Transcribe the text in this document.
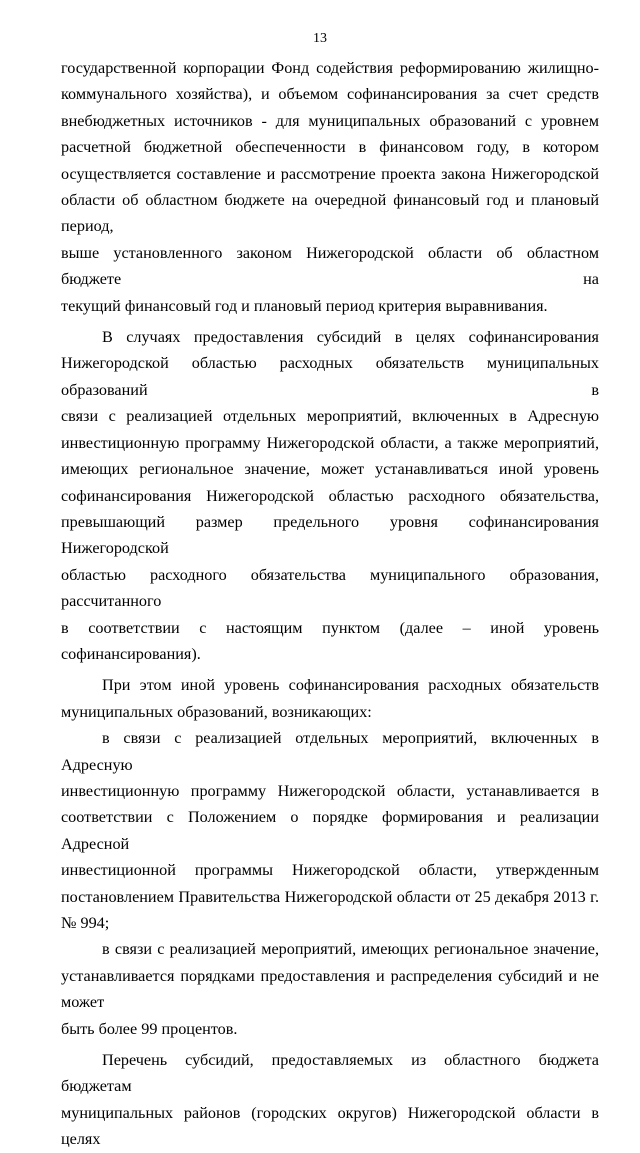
13

государственной корпорации Фонд содействия реформированию жилищно-

коммунального хозяйства), и объемом софинансирования за счет средств

внебюджетных источников - для муниципальных образований с уровнем

расчетной бюджетной обеспеченности в финансовом году, в котором

осуществляется составление и рассмотрение проекта закона Нижегородской

области об областном бюджете на очередной финансовый год и плановый период,

выше установленного законом Нижегородской области об областном бюджете на

текущий финансовый год и плановый период критерия выравнивания.

В случаях предоставления субсидий в целях софинансирования

Нижегородской областью расходных обязательств муниципальных образований в

связи с реализацией отдельных мероприятий, включенных в Адресную

инвестиционную программу Нижегородской области, а также мероприятий,

имеющих региональное значение, может устанавливаться иной уровень

софинансирования Нижегородской областью расходного обязательства,

превышающий размер предельного уровня софинансирования Нижегородской

областью расходного обязательства муниципального образования, рассчитанного

в соответствии с настоящим пунктом (далее – иной уровень софинансирования).

При этом иной уровень софинансирования расходных обязательств

муниципальных образований, возникающих:

в связи с реализацией отдельных мероприятий, включенных в Адресную

инвестиционную программу Нижегородской области, устанавливается в

соответствии с Положением о порядке формирования и реализации Адресной

инвестиционной программы Нижегородской области, утвержденным

постановлением Правительства Нижегородской области от 25 декабря 2013 г.

№ 994;

в связи с реализацией мероприятий, имеющих региональное значение,

устанавливается порядками предоставления и распределения субсидий и не может

быть более 99 процентов.

Перечень субсидий, предоставляемых из областного бюджета бюджетам

муниципальных районов (городских округов) Нижегородской области в целях
